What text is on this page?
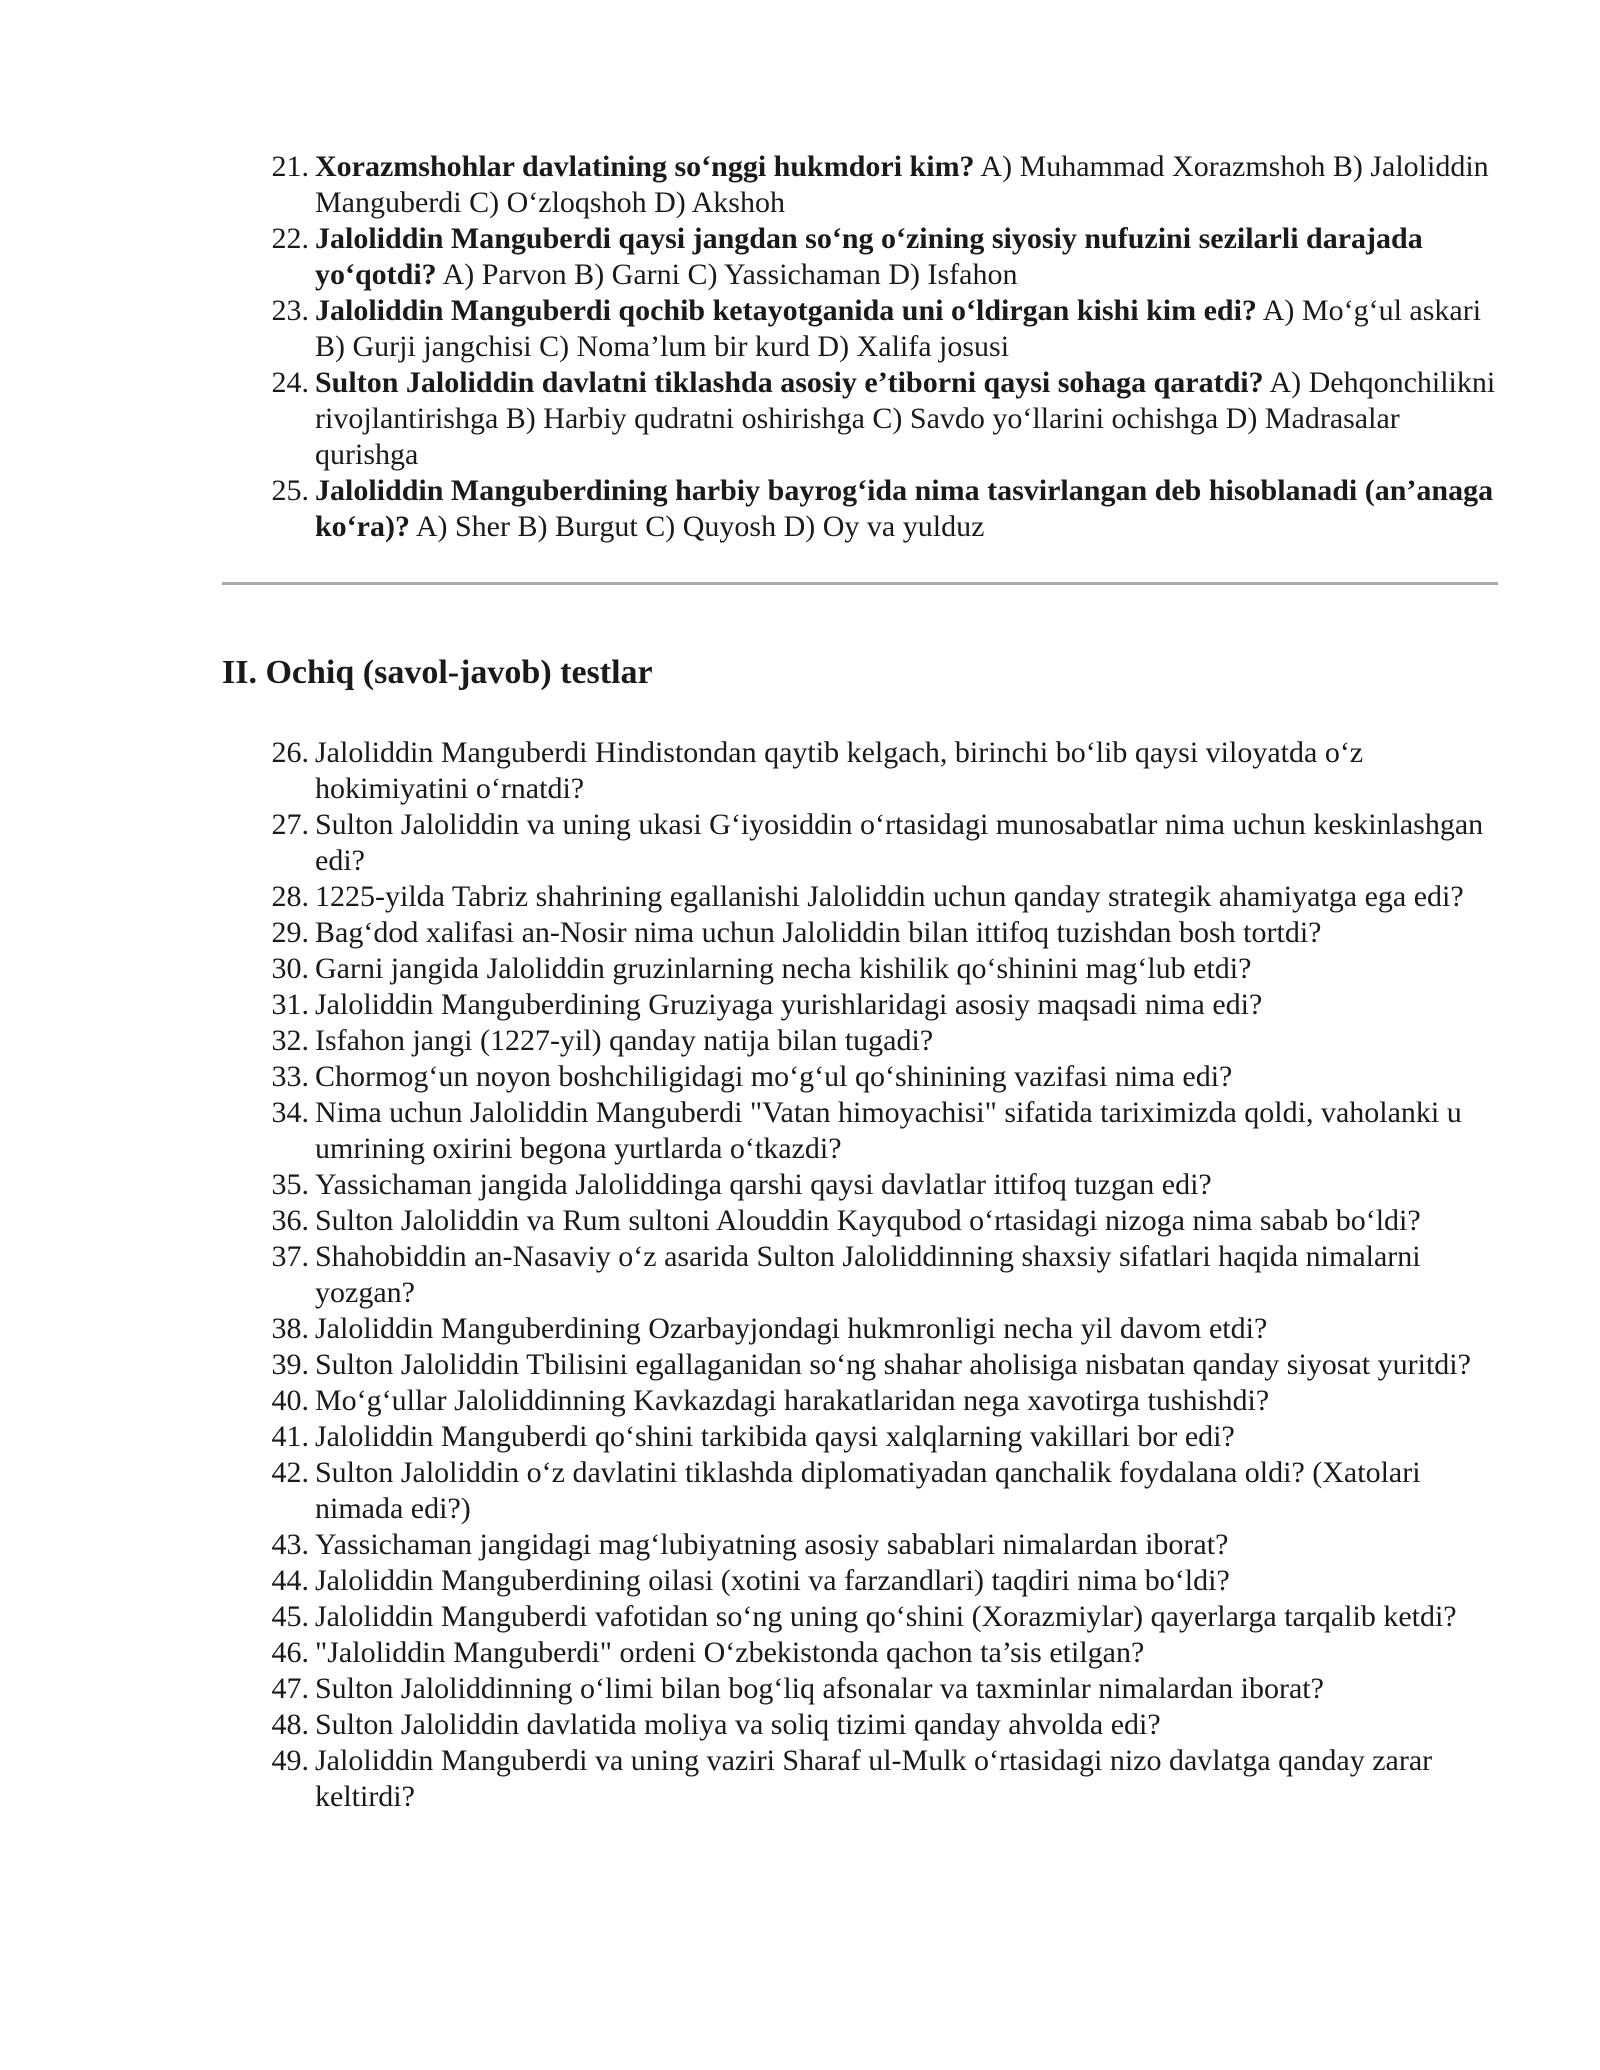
21. Xorazmshohlar davlatining so‘nggi hukmdori kim? A) Muhammad Xorazmshoh B) Jaloliddin Manguberdi C) O‘zloqshoh D) Akshoh
22. Jaloliddin Manguberdi qaysi jangdan so‘ng o‘zining siyosiy nufuzini sezilarli darajada yo‘qotdi? A) Parvon B) Garni C) Yassichaman D) Isfahon
23. Jaloliddin Manguberdi qochib ketayotganida uni o‘ldirgan kishi kim edi? A) Mo‘g‘ul askari B) Gurji jangchisi C) Noma’lum bir kurd D) Xalifa josusi
24. Sulton Jaloliddin davlatni tiklashda asosiy e’tiborni qaysi sohaga qaratdi? A) Dehqonchilikni rivojlantirishga B) Harbiy qudratni oshirishga C) Savdo yo‘llarini ochishga D) Madrasalar qurishga
25. Jaloliddin Manguberdining harbiy bayrog‘ida nima tasvirlangan deb hisoblanadi (an’anaga ko‘ra)? A) Sher B) Burgut C) Quyosh D) Oy va yulduz
II. Ochiq (savol-javob) testlar
26. Jaloliddin Manguberdi Hindistondan qaytib kelgach, birinchi bo‘lib qaysi viloyatda o‘z hokimiyatini o‘rnatdi?
27. Sulton Jaloliddin va uning ukasi G‘iyosiddin o‘rtasidagi munosabatlar nima uchun keskinlashgan edi?
28. 1225-yilda Tabriz shahrining egallanishi Jaloliddin uchun qanday strategik ahamiyatga ega edi?
29. Bag‘dod xalifasi an-Nosir nima uchun Jaloliddin bilan ittifoq tuzishdan bosh tortdi?
30. Garni jangida Jaloliddin gruzinlarning necha kishilik qo‘shinini mag‘lub etdi?
31. Jaloliddin Manguberdining Gruziyaga yurishlaridagi asosiy maqsadi nima edi?
32. Isfahon jangi (1227-yil) qanday natija bilan tugadi?
33. Chormog‘un noyon boshchiligidagi mo‘g‘ul qo‘shinining vazifasi nima edi?
34. Nima uchun Jaloliddin Manguberdi "Vatan himoyachisi" sifatida tariximizda qoldi, vaholanki u umrining oxirini begona yurtlarda o‘tkazdi?
35. Yassichaman jangida Jaloliddinga qarshi qaysi davlatlar ittifoq tuzgan edi?
36. Sulton Jaloliddin va Rum sultoni Alouddin Kayqubod o‘rtasidagi nizoga nima sabab bo‘ldi?
37. Shahobiddin an-Nasaviy o‘z asarida Sulton Jaloliddinning shaxsiy sifatlari haqida nimalarni yozgan?
38. Jaloliddin Manguberdining Ozarbayjondagi hukmronligi necha yil davom etdi?
39. Sulton Jaloliddin Tbilisini egallaganidan so‘ng shahar aholisiga nisbatan qanday siyosat yuritdi?
40. Mo‘g‘ullar Jaloliddinning Kavkazdagi harakatlaridan nega xavotirga tushishdi?
41. Jaloliddin Manguberdi qo‘shini tarkibida qaysi xalqlarning vakillari bor edi?
42. Sulton Jaloliddin o‘z davlatini tiklashda diplomatiyadan qanchalik foydalana oldi? (Xatolari nimada edi?)
43. Yassichaman jangidagi mag‘lubiyatning asosiy sabablari nimalardan iborat?
44. Jaloliddin Manguberdining oilasi (xotini va farzandlari) taqdiri nima bo‘ldi?
45. Jaloliddin Manguberdi vafotidan so‘ng uning qo‘shini (Xorazmiylar) qayerlarga tarqalib ketdi?
46. "Jaloliddin Manguberdi" ordeni O‘zbekistonda qachon ta’sis etilgan?
47. Sulton Jaloliddinning o‘limi bilan bog‘liq afsonalar va taxminlar nimalardan iborat?
48. Sulton Jaloliddin davlatida moliya va soliq tizimi qanday ahvolda edi?
49. Jaloliddin Manguberdi va uning vaziri Sharaf ul-Mulk o‘rtasidagi nizo davlatga qanday zarar keltirdi?
